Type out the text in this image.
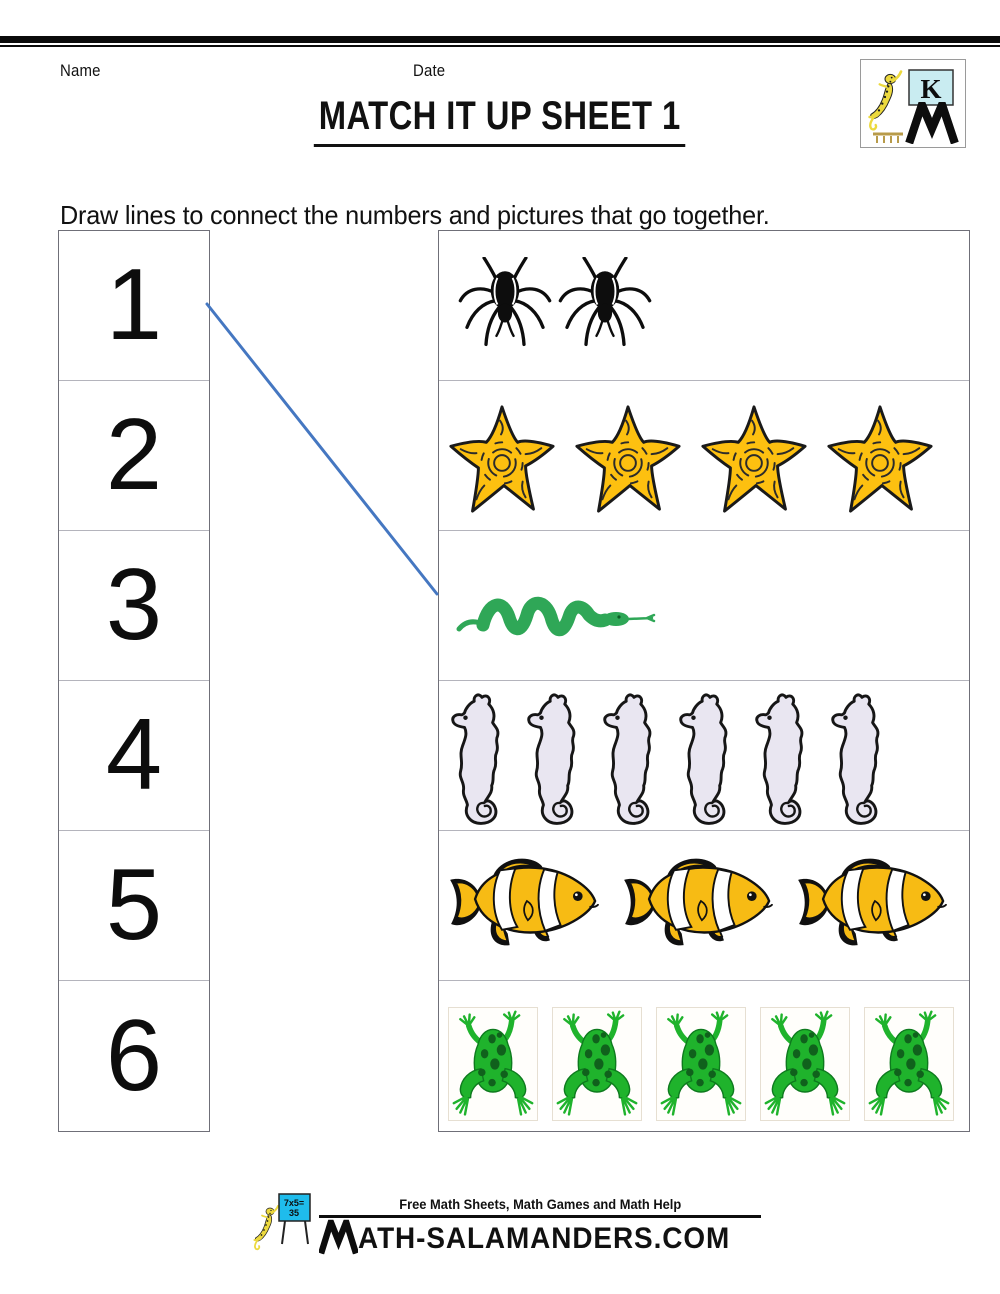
Name	Date
K
MATCH IT UP SHEET 1

Draw lines to connect the numbers and pictures that go together.

1
2
3
4
5
6
7x5=
35
Free Math Sheets, Math Games and Math Help
ATH-SALAMANDERS.COM
